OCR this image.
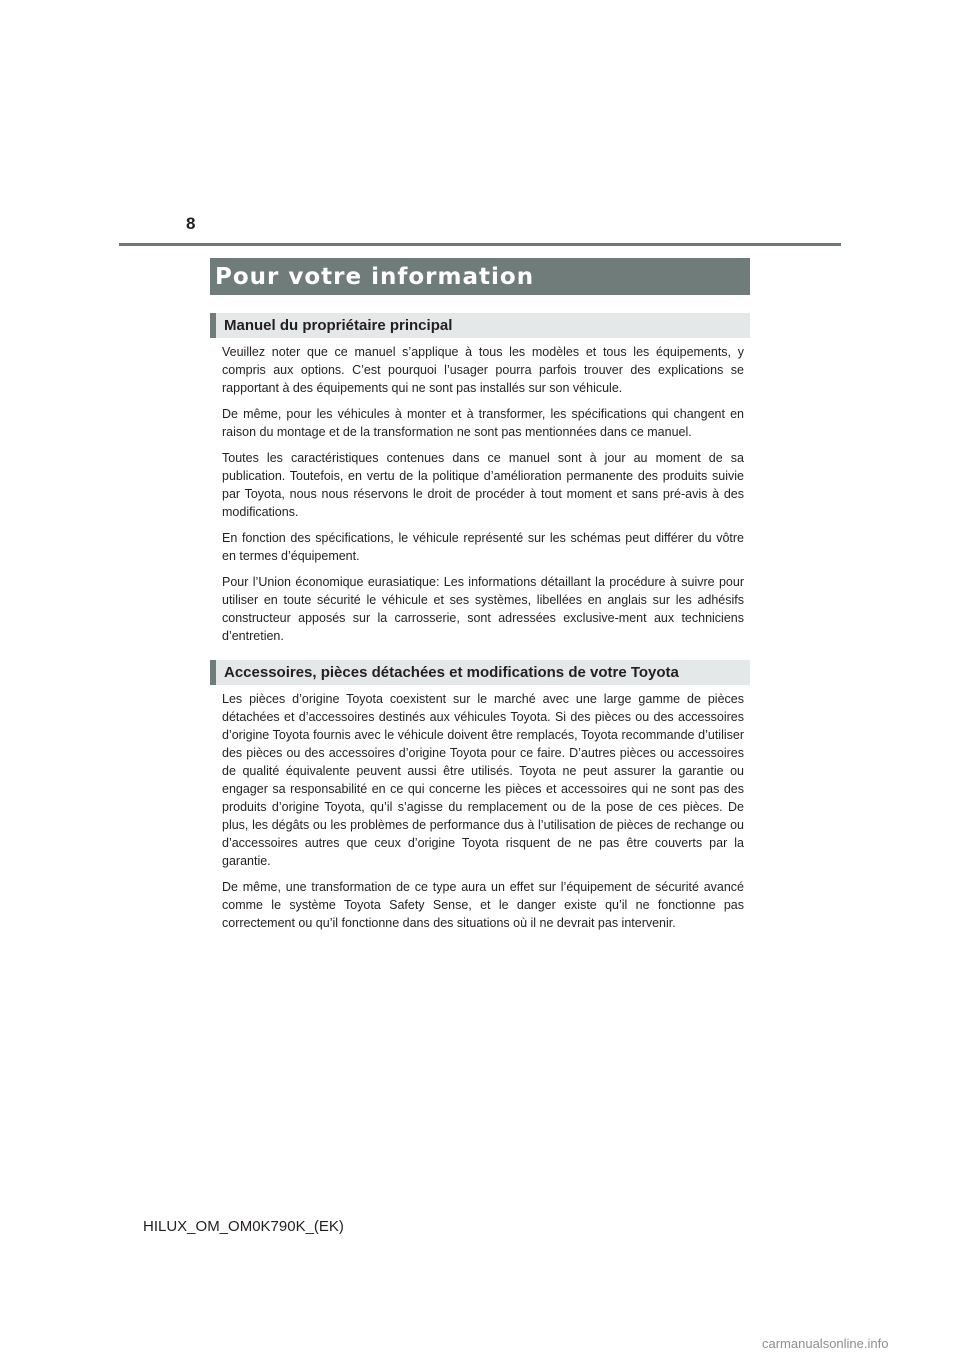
8
Pour votre information
Manuel du propriétaire principal

Veuillez noter que ce manuel s’applique à tous les modèles et tous les équipements, y compris aux options. C’est pourquoi l’usager pourra parfois trouver des explications se rapportant à des équipements qui ne sont pas installés sur son véhicule.

De même, pour les véhicules à monter et à transformer, les spécifications qui changent en raison du montage et de la transformation ne sont pas mentionnées dans ce manuel.

Toutes les caractéristiques contenues dans ce manuel sont à jour au moment de sa publication. Toutefois, en vertu de la politique d’amélioration permanente des produits suivie par Toyota, nous nous réservons le droit de procéder à tout moment et sans pré-avis à des modifications.

En fonction des spécifications, le véhicule représenté sur les schémas peut différer du vôtre en termes d’équipement.

Pour l’Union économique eurasiatique: Les informations détaillant la procédure à suivre pour utiliser en toute sécurité le véhicule et ses systèmes, libellées en anglais sur les adhésifs constructeur apposés sur la carrosserie, sont adressées exclusive-ment aux techniciens d’entretien.

Accessoires, pièces détachées et modifications de votre Toyota

Les pièces d’origine Toyota coexistent sur le marché avec une large gamme de pièces détachées et d’accessoires destinés aux véhicules Toyota. Si des pièces ou des accessoires d’origine Toyota fournis avec le véhicule doivent être remplacés, Toyota recommande d’utiliser des pièces ou des accessoires d’origine Toyota pour ce faire. D’autres pièces ou accessoires de qualité équivalente peuvent aussi être utilisés. Toyota ne peut assurer la garantie ou engager sa responsabilité en ce qui concerne les pièces et accessoires qui ne sont pas des produits d’origine Toyota, qu’il s’agisse du remplacement ou de la pose de ces pièces. De plus, les dégâts ou les problèmes de performance dus à l’utilisation de pièces de rechange ou d’accessoires autres que ceux d’origine Toyota risquent de ne pas être couverts par la garantie.

De même, une transformation de ce type aura un effet sur l’équipement de sécurité avancé comme le système Toyota Safety Sense, et le danger existe qu’il ne fonctionne pas correctement ou qu’il fonctionne dans des situations où il ne devrait pas intervenir.

HILUX_OM_OM0K790K_(EK)
carmanualsonline.info
